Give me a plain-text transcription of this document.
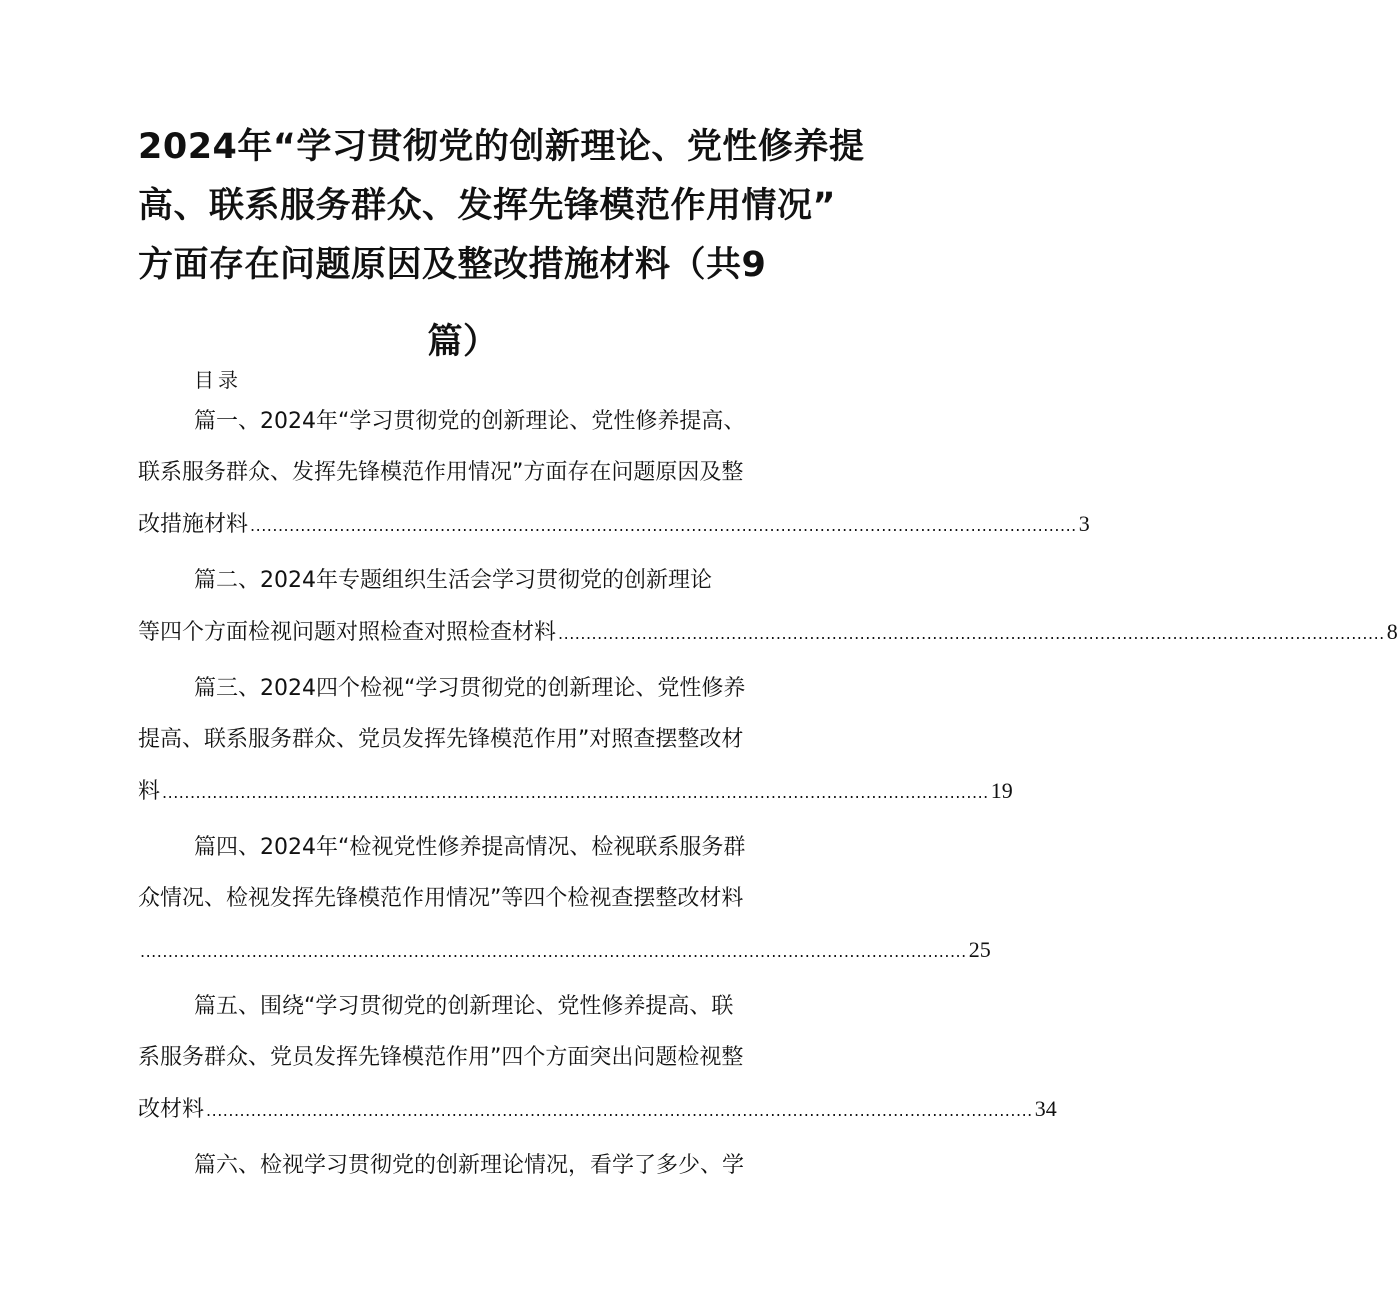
2024年“学习贯彻党的创新理论、党性修养提
高、联系服务群众、发挥先锋模范作用情况”
方面存在问题原因及整改措施材料（共9
篇）
目录
篇一、2024年“学习贯彻党的创新理论、党性修养提高、
联系服务群众、发挥先锋模范作用情况”方面存在问题原因及整
改措施材料 .................................................................................................................................................... 3
篇二、2024年专题组织生活会学习贯彻党的创新理论
等四个方面检视问题对照检查对照检查材料 .................................................................................................................................................... 8
篇三、2024四个检视“学习贯彻党的创新理论、党性修养
提高、联系服务群众、党员发挥先锋模范作用”对照查摆整改材
料 .................................................................................................................................................... 19
篇四、2024年“检视党性修养提高情况、检视联系服务群
众情况、检视发挥先锋模范作用情况”等四个检视查摆整改材料
.................................................................................................................................................... 25
篇五、围绕“学习贯彻党的创新理论、党性修养提高、联
系服务群众、党员发挥先锋模范作用”四个方面突出问题检视整
改材料 .................................................................................................................................................... 34
篇六、检视学习贯彻党的创新理论情况，看学了多少、学
